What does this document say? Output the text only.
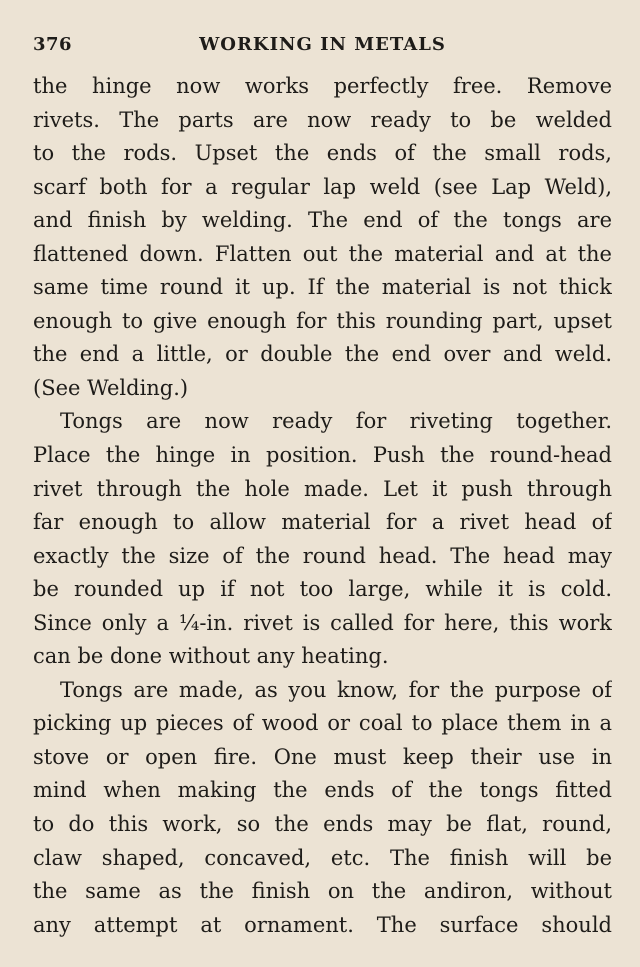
376	WORKING IN METALS
the hinge now works perfectly free. Remove
rivets. The parts are now ready to be welded
to the rods. Upset the ends of the small rods,
scarf both for a regular lap weld (see Lap Weld),
and finish by welding. The end of the tongs are
flattened down. Flatten out the material and at the
same time round it up. If the material is not thick
enough to give enough for this rounding part, upset
the end a little, or double the end over and weld.
(See Welding.)
Tongs are now ready for riveting together.
Place the hinge in position. Push the round-head
rivet through the hole made. Let it push through
far enough to allow material for a rivet head of
exactly the size of the round head. The head may
be rounded up if not too large, while it is cold.
Since only a ¼-in. rivet is called for here, this work
can be done without any heating.
Tongs are made, as you know, for the purpose of
picking up pieces of wood or coal to place them in a
stove or open fire. One must keep their use in
mind when making the ends of the tongs fitted
to do this work, so the ends may be flat, round,
claw shaped, concaved, etc. The finish will be
the same as the finish on the andiron, without
any attempt at ornament. The surface should
